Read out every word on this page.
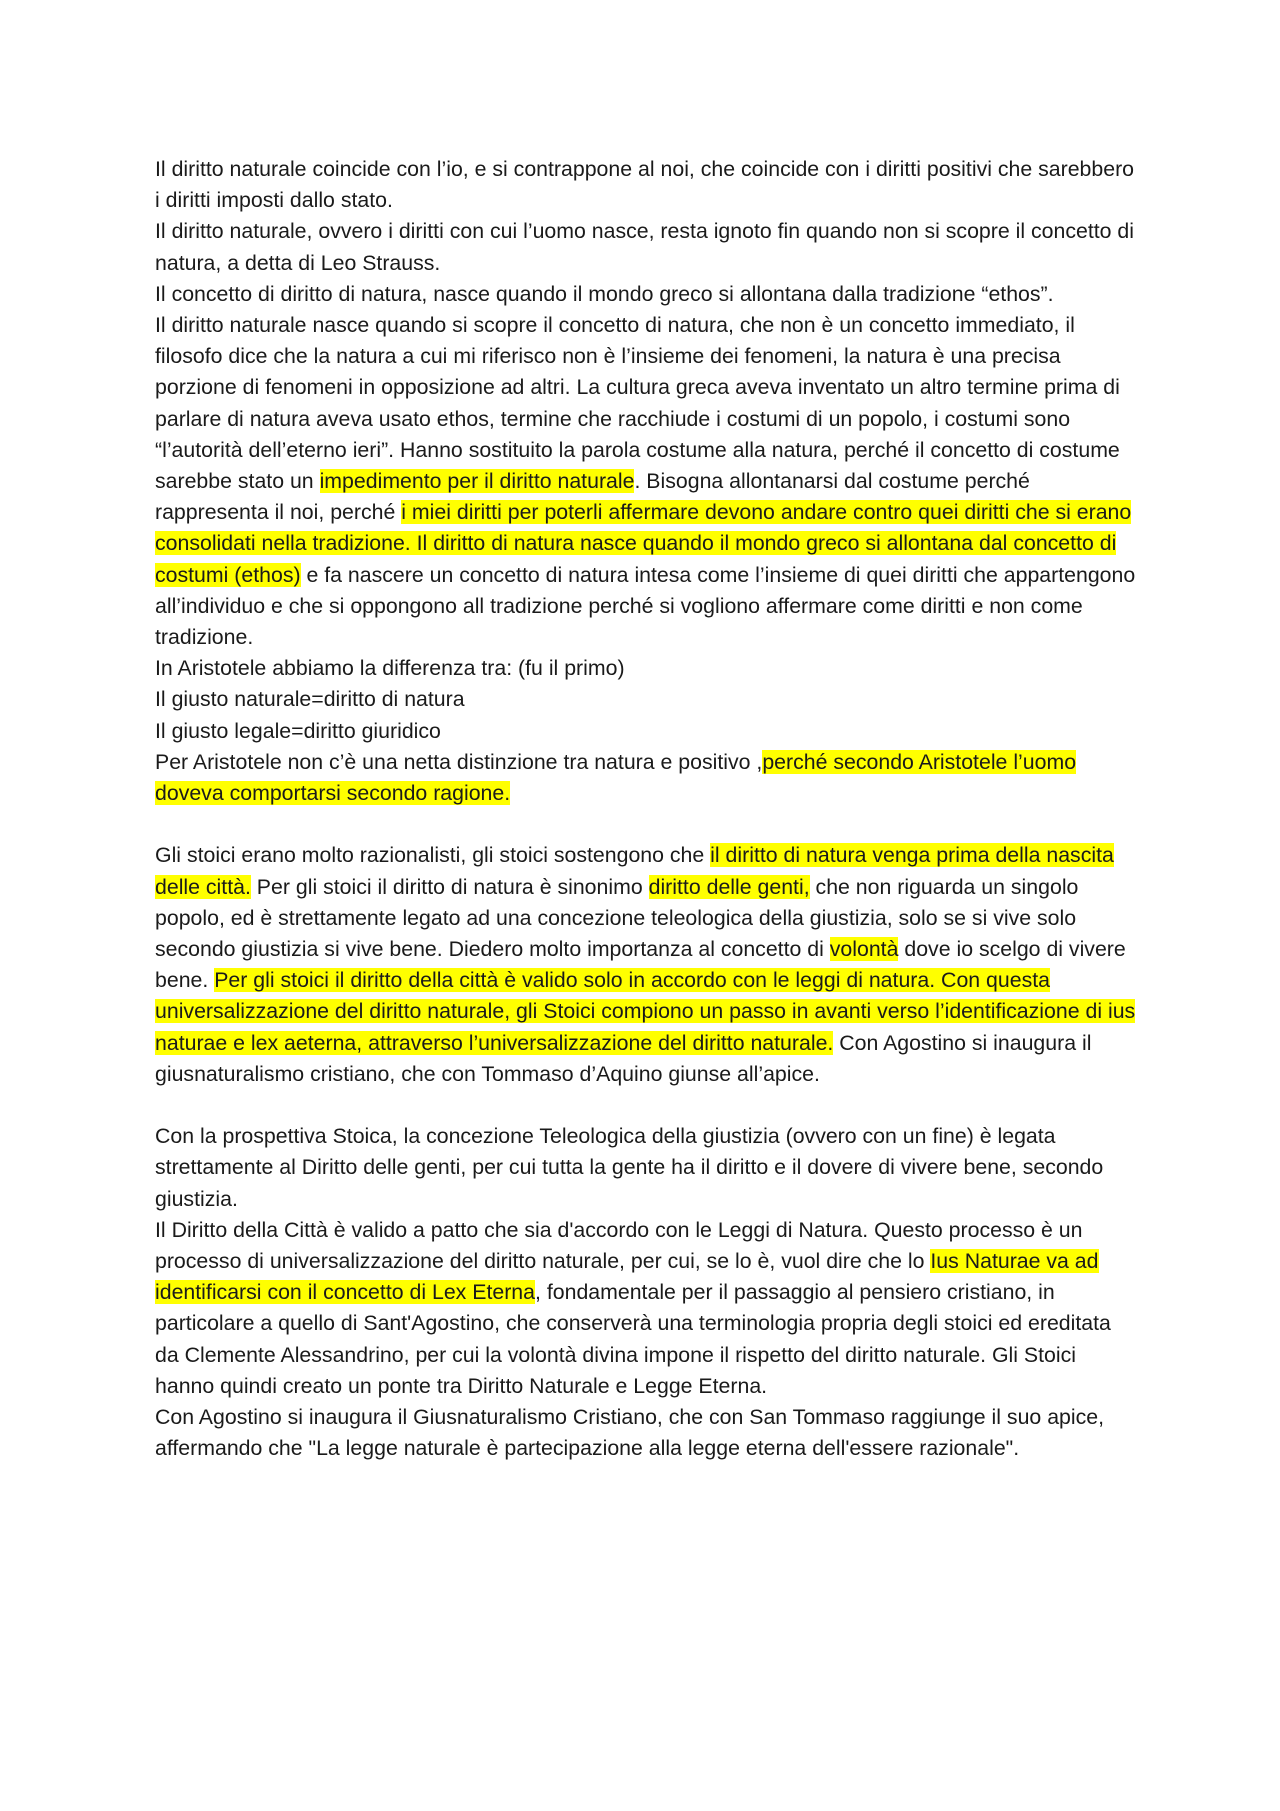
Il diritto naturale coincide con l’io, e si contrappone al noi, che coincide con i diritti positivi che sarebbero i diritti imposti dallo stato.

Il diritto naturale, ovvero i diritti con cui l’uomo nasce, resta ignoto fin quando non si scopre il concetto di natura, a detta di Leo Strauss.

Il concetto di diritto di natura, nasce quando il mondo greco si allontana dalla tradizione “ethos”.

Il diritto naturale nasce quando si scopre il concetto di natura, che non è un concetto immediato, il filosofo dice che la natura a cui mi riferisco non è l’insieme dei fenomeni, la natura è una precisa porzione di fenomeni in opposizione ad altri. La cultura greca aveva inventato un altro termine prima di parlare di natura aveva usato ethos, termine che racchiude i costumi di un popolo, i costumi sono “l’autorità dell’eterno ieri”. Hanno sostituito la parola costume alla natura, perché il concetto di costume sarebbe stato un impedimento per il diritto naturale. Bisogna allontanarsi dal costume perché rappresenta il noi, perché i miei diritti per poterli affermare devono andare contro quei diritti che si erano consolidati nella tradizione. Il diritto di natura nasce quando il mondo greco si allontana dal concetto di costumi (ethos) e fa nascere un concetto di natura intesa come l’insieme di quei diritti che appartengono all’individuo e che si oppongono all tradizione perché si vogliono affermare come diritti e non come tradizione.

In Aristotele abbiamo la differenza tra: (fu il primo)

Il giusto naturale=diritto di natura

Il giusto legale=diritto giuridico

Per Aristotele non c’è una netta distinzione tra natura e positivo ,perché secondo Aristotele l’uomo doveva comportarsi secondo ragione.

Gli stoici erano molto razionalisti, gli stoici sostengono che il diritto di natura venga prima della nascita delle città. Per gli stoici il diritto di natura è sinonimo diritto delle genti, che non riguarda un singolo popolo, ed è strettamente legato ad una concezione teleologica della giustizia, solo se si vive solo secondo giustizia si vive bene. Diedero molto importanza al concetto di volontà dove io scelgo di vivere bene. Per gli stoici il diritto della città è valido solo in accordo con le leggi di natura. Con questa universalizzazione del diritto naturale, gli Stoici compiono un passo in avanti verso l’identificazione di ius naturae e lex aeterna, attraverso l’universalizzazione del diritto naturale. Con Agostino si inaugura il giusnaturalismo cristiano, che con Tommaso d’Aquino giunse all’apice.

Con la prospettiva Stoica, la concezione Teleologica della giustizia (ovvero con un fine) è legata strettamente al Diritto delle genti, per cui tutta la gente ha il diritto e il dovere di vivere bene, secondo giustizia.

Il Diritto della Città è valido a patto che sia d'accordo con le Leggi di Natura. Questo processo è un processo di universalizzazione del diritto naturale, per cui, se lo è, vuol dire che lo Ius Naturae va ad identificarsi con il concetto di Lex Eterna, fondamentale per il passaggio al pensiero cristiano, in particolare a quello di Sant'Agostino, che conserverà una terminologia propria degli stoici ed ereditata da Clemente Alessandrino, per cui la volontà divina impone il rispetto del diritto naturale. Gli Stoici hanno quindi creato un ponte tra Diritto Naturale e Legge Eterna.

Con Agostino si inaugura il Giusnaturalismo Cristiano, che con San Tommaso raggiunge il suo apice, affermando che "La legge naturale è partecipazione alla legge eterna dell'essere razionale".
